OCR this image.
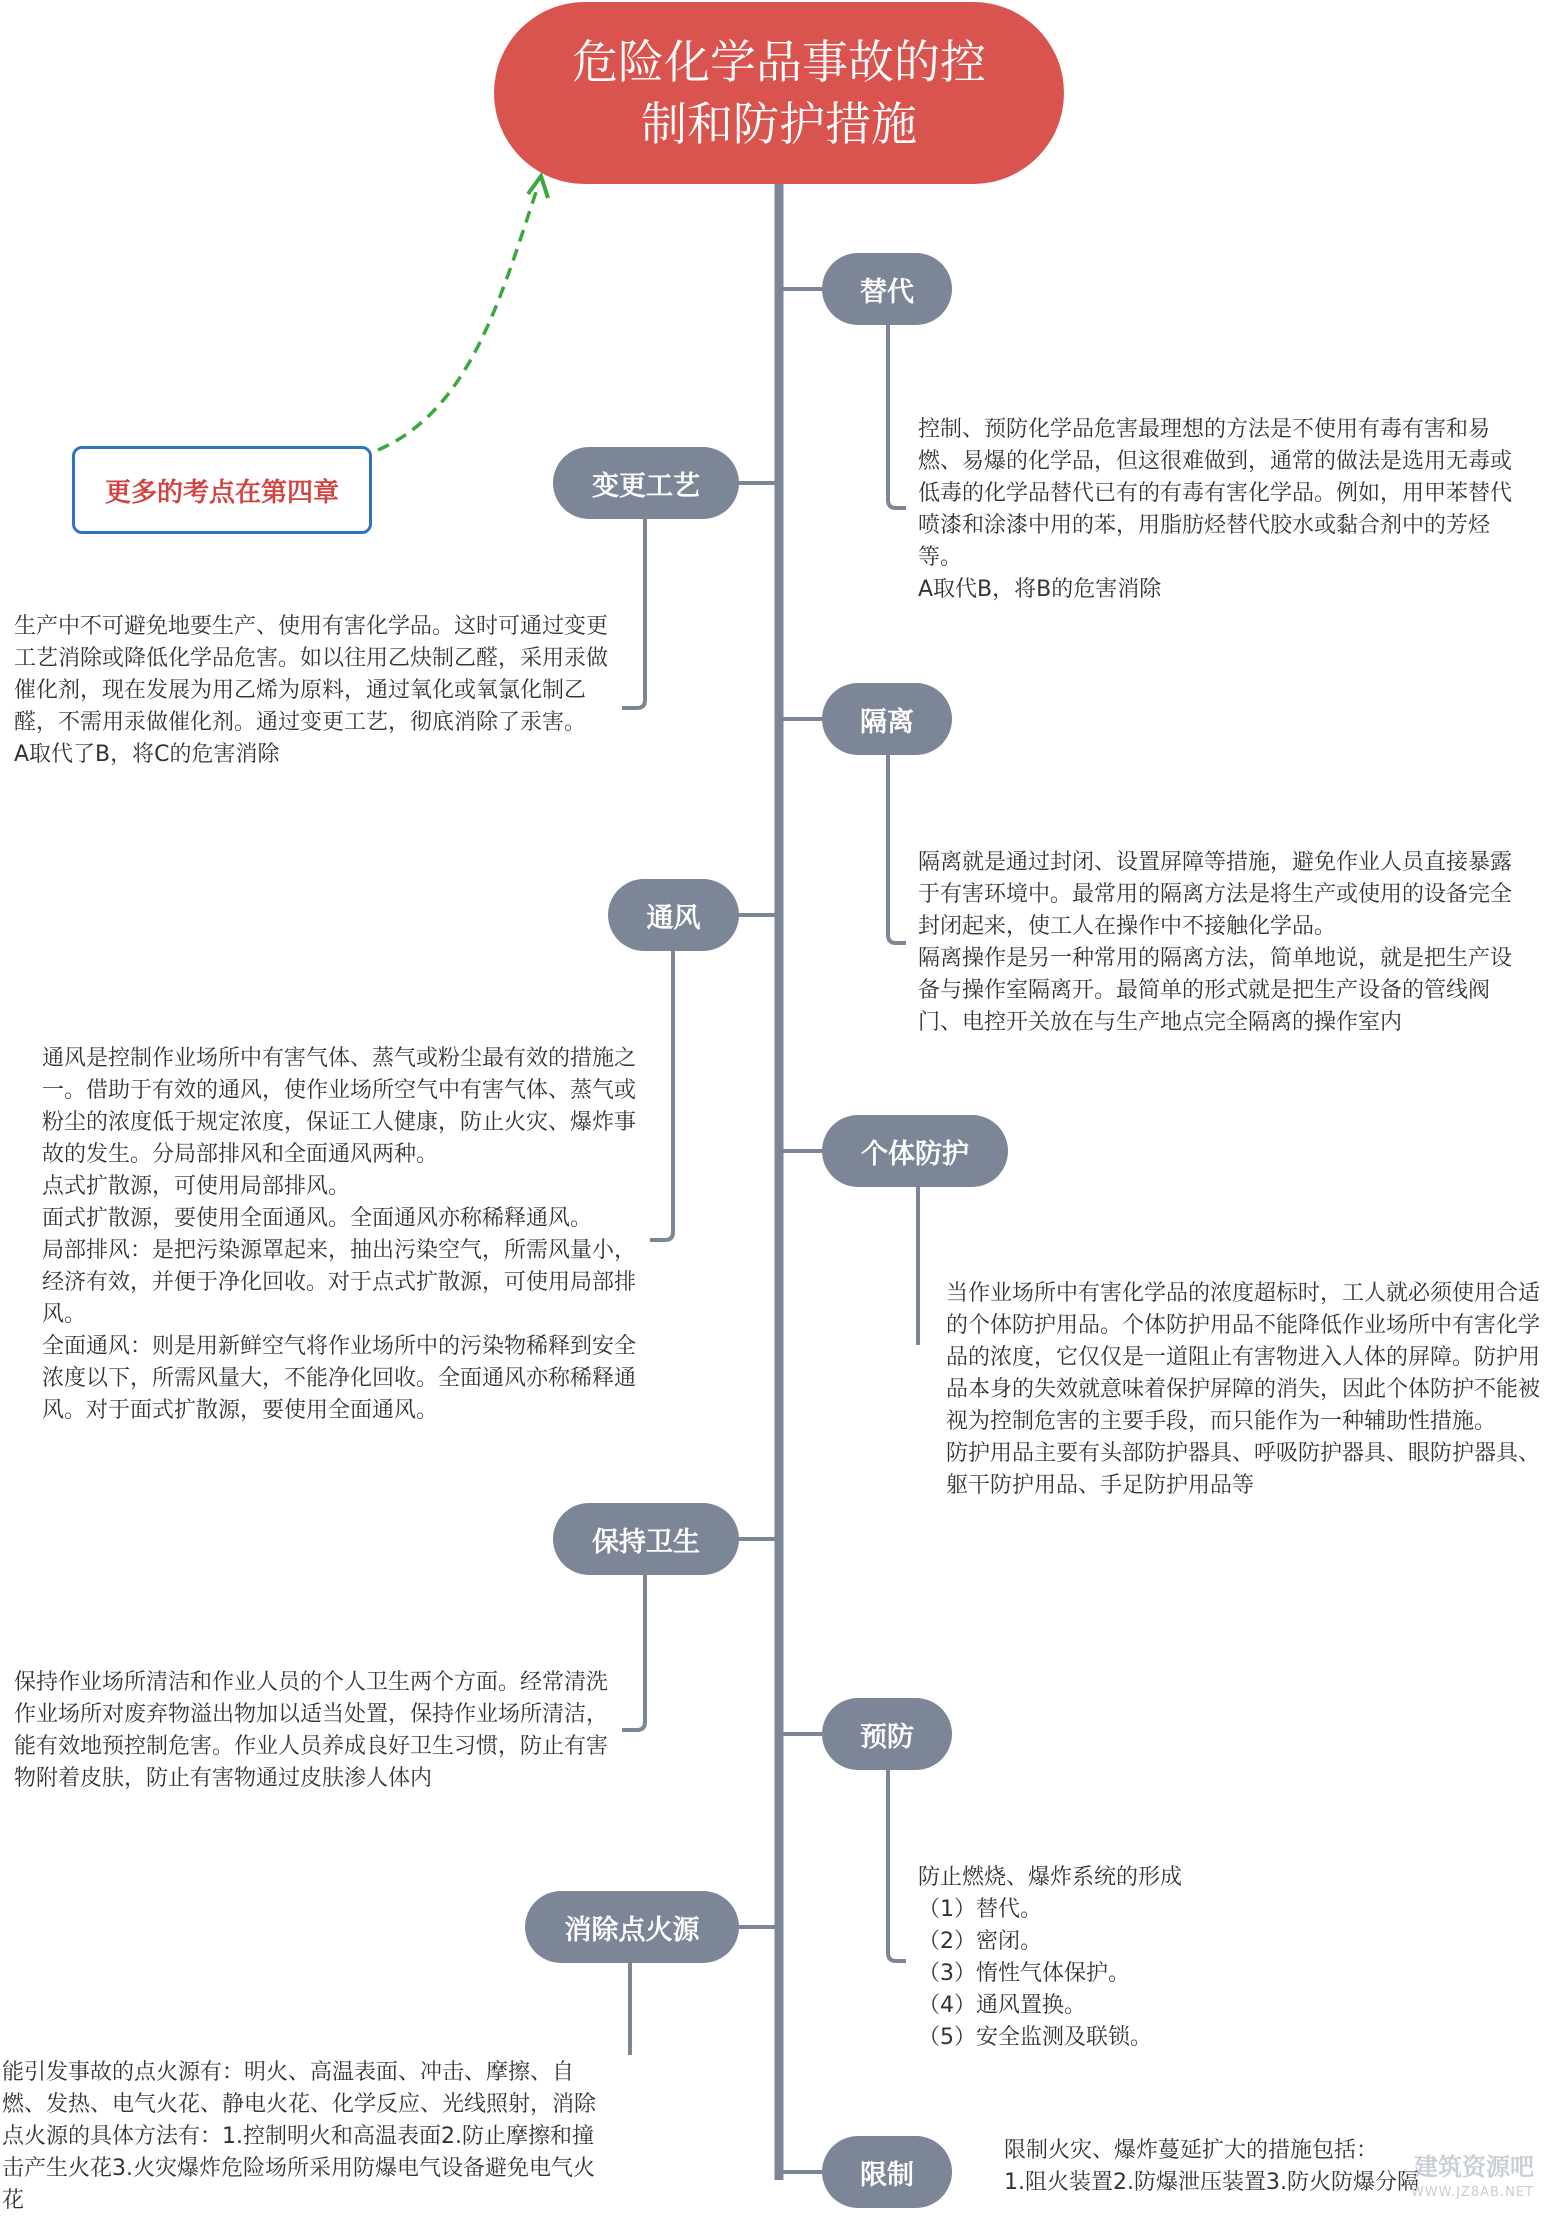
危险化学品事故的控制和防护措施
更多的考点在第四章
替代
控制、预防化学品危害最理想的方法是不使用有毒有害和易燃、易爆的化学品，但这很难做到，通常的做法是选用无毒或低毒的化学品替代已有的有毒有害化学品。例如，用甲苯替代喷漆和涂漆中用的苯，用脂肪烃替代胶水或黏合剂中的芳烃等。
A取代B，将B的危害消除
变更工艺
生产中不可避免地要生产、使用有害化学品。这时可通过变更工艺消除或降低化学品危害。如以往用乙炔制乙醛，采用汞做催化剂，现在发展为用乙烯为原料，通过氧化或氧氯化制乙醛，不需用汞做催化剂。通过变更工艺，彻底消除了汞害。
A取代了B，将C的危害消除
隔离
隔离就是通过封闭、设置屏障等措施，避免作业人员直接暴露于有害环境中。最常用的隔离方法是将生产或使用的设备完全封闭起来，使工人在操作中不接触化学品。
隔离操作是另一种常用的隔离方法，简单地说，就是把生产设备与操作室隔离开。最简单的形式就是把生产设备的管线阀门、电控开关放在与生产地点完全隔离的操作室内
通风
通风是控制作业场所中有害气体、蒸气或粉尘最有效的措施之一。借助于有效的通风，使作业场所空气中有害气体、蒸气或粉尘的浓度低于规定浓度，保证工人健康，防止火灾、爆炸事故的发生。分局部排风和全面通风两种。
点式扩散源，可使用局部排风。
面式扩散源，要使用全面通风。全面通风亦称稀释通风。
局部排风：是把污染源罩起来，抽出污染空气，所需风量小，经济有效，并便于净化回收。对于点式扩散源，可使用局部排风。
全面通风：则是用新鲜空气将作业场所中的污染物稀释到安全浓度以下，所需风量大，不能净化回收。全面通风亦称稀释通风。对于面式扩散源，要使用全面通风。
个体防护
当作业场所中有害化学品的浓度超标时，工人就必须使用合适的个体防护用品。个体防护用品不能降低作业场所中有害化学品的浓度，它仅仅是一道阻止有害物进入人体的屏障。防护用品本身的失效就意味着保护屏障的消失，因此个体防护不能被视为控制危害的主要手段，而只能作为一种辅助性措施。
防护用品主要有头部防护器具、呼吸防护器具、眼防护器具、躯干防护用品、手足防护用品等
保持卫生
保持作业场所清洁和作业人员的个人卫生两个方面。经常清洗作业场所对废弃物溢出物加以适当处置，保持作业场所清洁，能有效地预控制危害。作业人员养成良好卫生习惯，防止有害物附着皮肤，防止有害物通过皮肤渗人体内
预防
防止燃烧、爆炸系统的形成
（1）替代。
（2）密闭。
（3）惰性气体保护。
（4）通风置换。
（5）安全监测及联锁。
消除点火源
能引发事故的点火源有：明火、高温表面、冲击、摩擦、自燃、发热、电气火花、静电火花、化学反应、光线照射，消除点火源的具体方法有：1.控制明火和高温表面2.防止摩擦和撞击产生火花3.火灾爆炸危险场所采用防爆电气设备避免电气火花
限制
限制火灾、爆炸蔓延扩大的措施包括：
1.阻火装置2.防爆泄压装置3.防火防爆分隔
建筑资源吧
WWW.JZ8AB.NET
